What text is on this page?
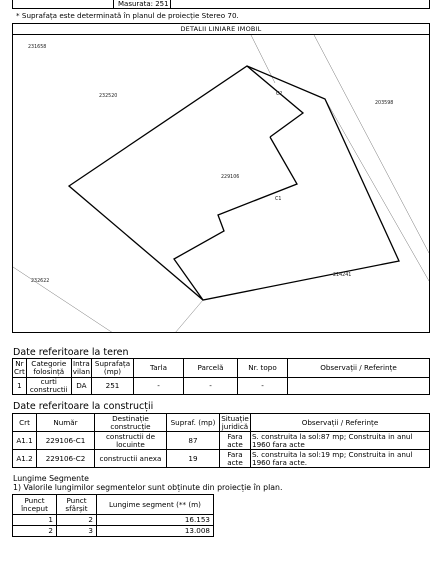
Masurata: 251
* Suprafața este determinată în planul de proiecție Stereo 70.
DETALII LINIARE IMOBIL
229106
C1
C2
231658
232520
203598
232622
214241
Date referitoare la teren
Nr Crt	Categorie folosință	Intra vilan	Suprafața (mp)	Tarla	Parcelă	Nr. topo	Observații / Referințe
1	curti constructii	DA	251	-	-	-	
Date referitoare la construcții
Crt	Număr	Destinație construcție	Supraf. (mp)	Situație juridică	Observații / Referințe
A1.1	229106-C1	constructii de locuinte	87	Fara acte	S. construita la sol:87 mp; Construita in anul 1960 fara acte
A1.2	229106-C2	constructii anexa	19	Fara acte	S. construita la sol:19 mp; Construita in anul 1960 fara acte.
Lungime Segmente
1) Valorile lungimilor segmentelor sunt obținute din proiecție în plan.
Punct început	Punct sfârșit	Lungime segment (** (m)
1	2	16.153
2	3	13.008
